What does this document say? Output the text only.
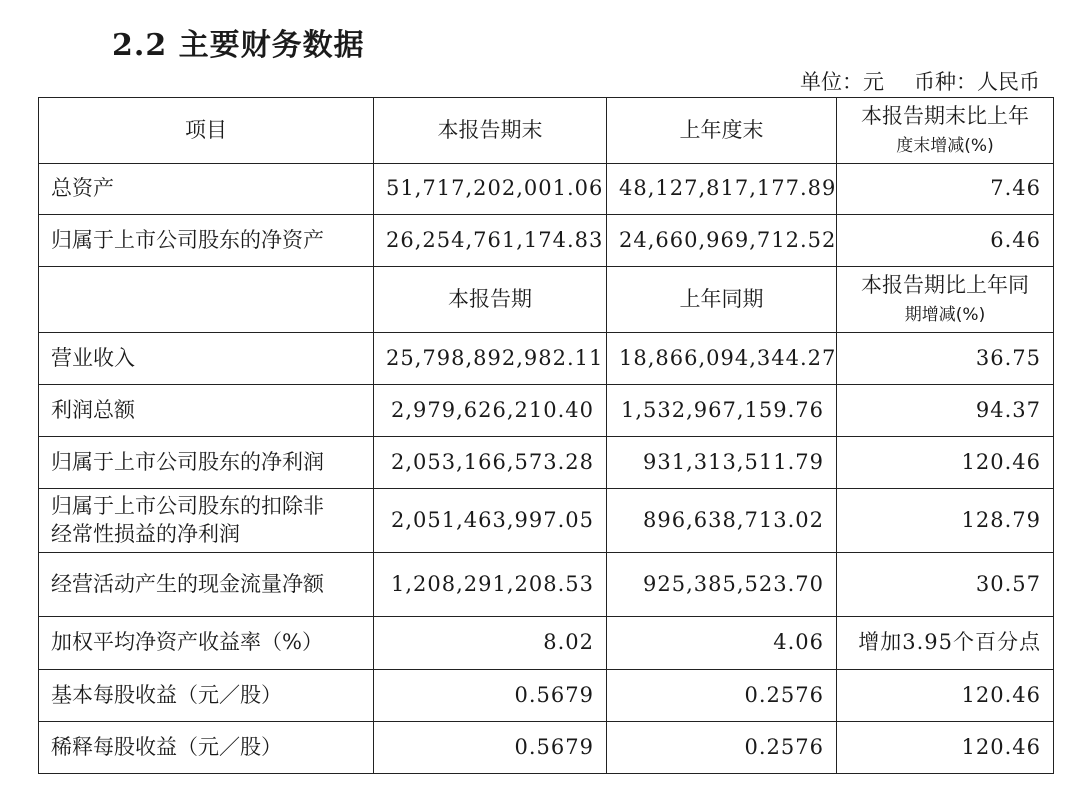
2.2 主要财务数据
单位：元 币种：人民币
项目	本报告期末	上年度末	本报告期末比上年
度末增减(%)
总资产	51,717,202,001.06	48,127,817,177.89	7.46
归属于上市公司股东的净资产	26,254,761,174.83	24,660,969,712.52	6.46
	本报告期	上年同期	本报告期比上年同
期增减(%)
营业收入	25,798,892,982.11	18,866,094,344.27	36.75
利润总额	2,979,626,210.40	1,532,967,159.76	94.37
归属于上市公司股东的净利润	2,053,166,573.28	931,313,511.79	120.46
归属于上市公司股东的扣除非
经常性损益的净利润	2,051,463,997.05	896,638,713.02	128.79
经营活动产生的现金流量净额	1,208,291,208.53	925,385,523.70	30.57
加权平均净资产收益率（%）	8.02	4.06	增加3.95个百分点
基本每股收益（元／股）	0.5679	0.2576	120.46
稀释每股收益（元／股）	0.5679	0.2576	120.46
